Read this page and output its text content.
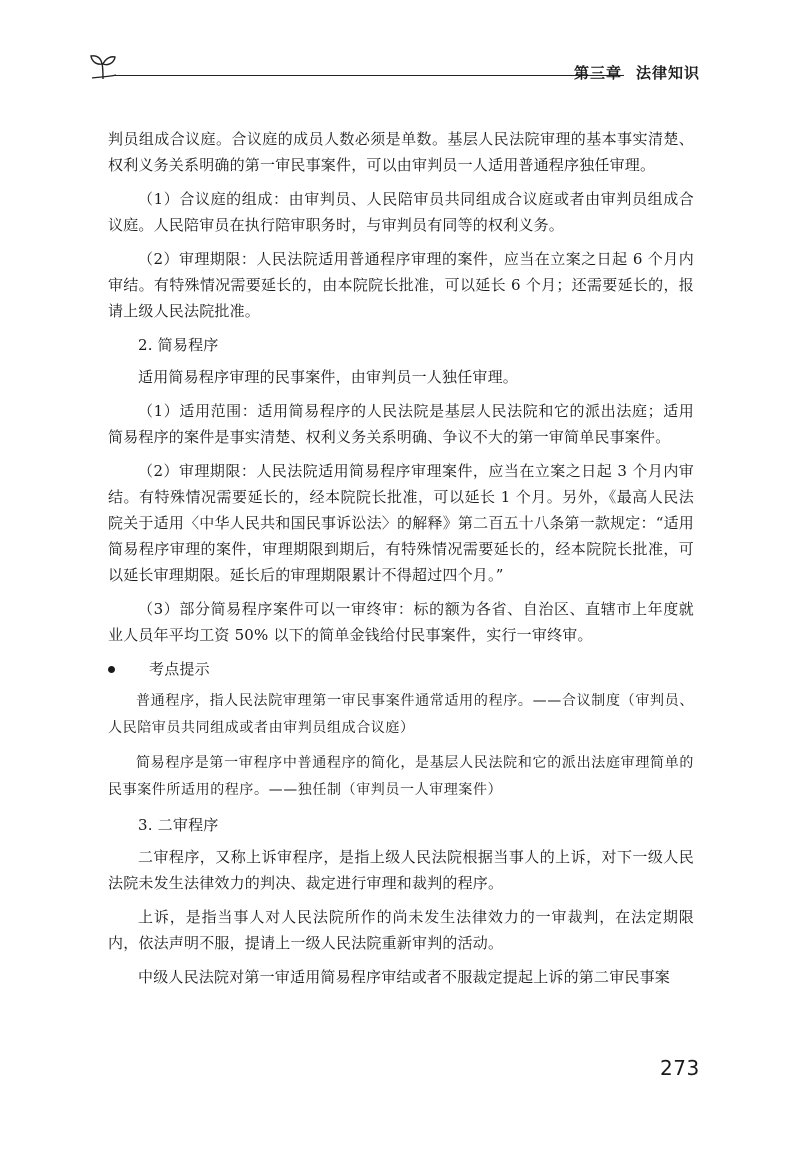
第三章 法律知识

判员组成合议庭。合议庭的成员人数必须是单数。基层人民法院审理的基本事实清楚、权利义务关系明确的第一审民事案件，可以由审判员一人适用普通程序独任审理。

（1）合议庭的组成：由审判员、人民陪审员共同组成合议庭或者由审判员组成合议庭。人民陪审员在执行陪审职务时，与审判员有同等的权利义务。

（2）审理期限：人民法院适用普通程序审理的案件，应当在立案之日起 6 个月内审结。有特殊情况需要延长的，由本院院长批准，可以延长 6 个月；还需要延长的，报请上级人民法院批准。

2. 简易程序

适用简易程序审理的民事案件，由审判员一人独任审理。

（1）适用范围：适用简易程序的人民法院是基层人民法院和它的派出法庭；适用简易程序的案件是事实清楚、权利义务关系明确、争议不大的第一审简单民事案件。

（2）审理期限：人民法院适用简易程序审理案件，应当在立案之日起 3 个月内审结。有特殊情况需要延长的，经本院院长批准，可以延长 1 个月。另外，《最高人民法院关于适用〈中华人民共和国民事诉讼法〉的解释》第二百五十八条第一款规定：“适用简易程序审理的案件，审理期限到期后，有特殊情况需要延长的，经本院院长批准，可以延长审理期限。延长后的审理期限累计不得超过四个月。”

（3）部分简易程序案件可以一审终审：标的额为各省、自治区、直辖市上年度就业人员年平均工资 50% 以下的简单金钱给付民事案件，实行一审终审。

考点提示

普通程序，指人民法院审理第一审民事案件通常适用的程序。——合议制度（审判员、人民陪审员共同组成或者由审判员组成合议庭）

简易程序是第一审程序中普通程序的简化，是基层人民法院和它的派出法庭审理简单的民事案件所适用的程序。——独任制（审判员一人审理案件）

3. 二审程序

二审程序，又称上诉审程序，是指上级人民法院根据当事人的上诉，对下一级人民法院未发生法律效力的判决、裁定进行审理和裁判的程序。

上诉，是指当事人对人民法院所作的尚未发生法律效力的一审裁判，在法定期限内，依法声明不服，提请上一级人民法院重新审判的活动。

中级人民法院对第一审适用简易程序审结或者不服裁定提起上诉的第二审民事案

273
